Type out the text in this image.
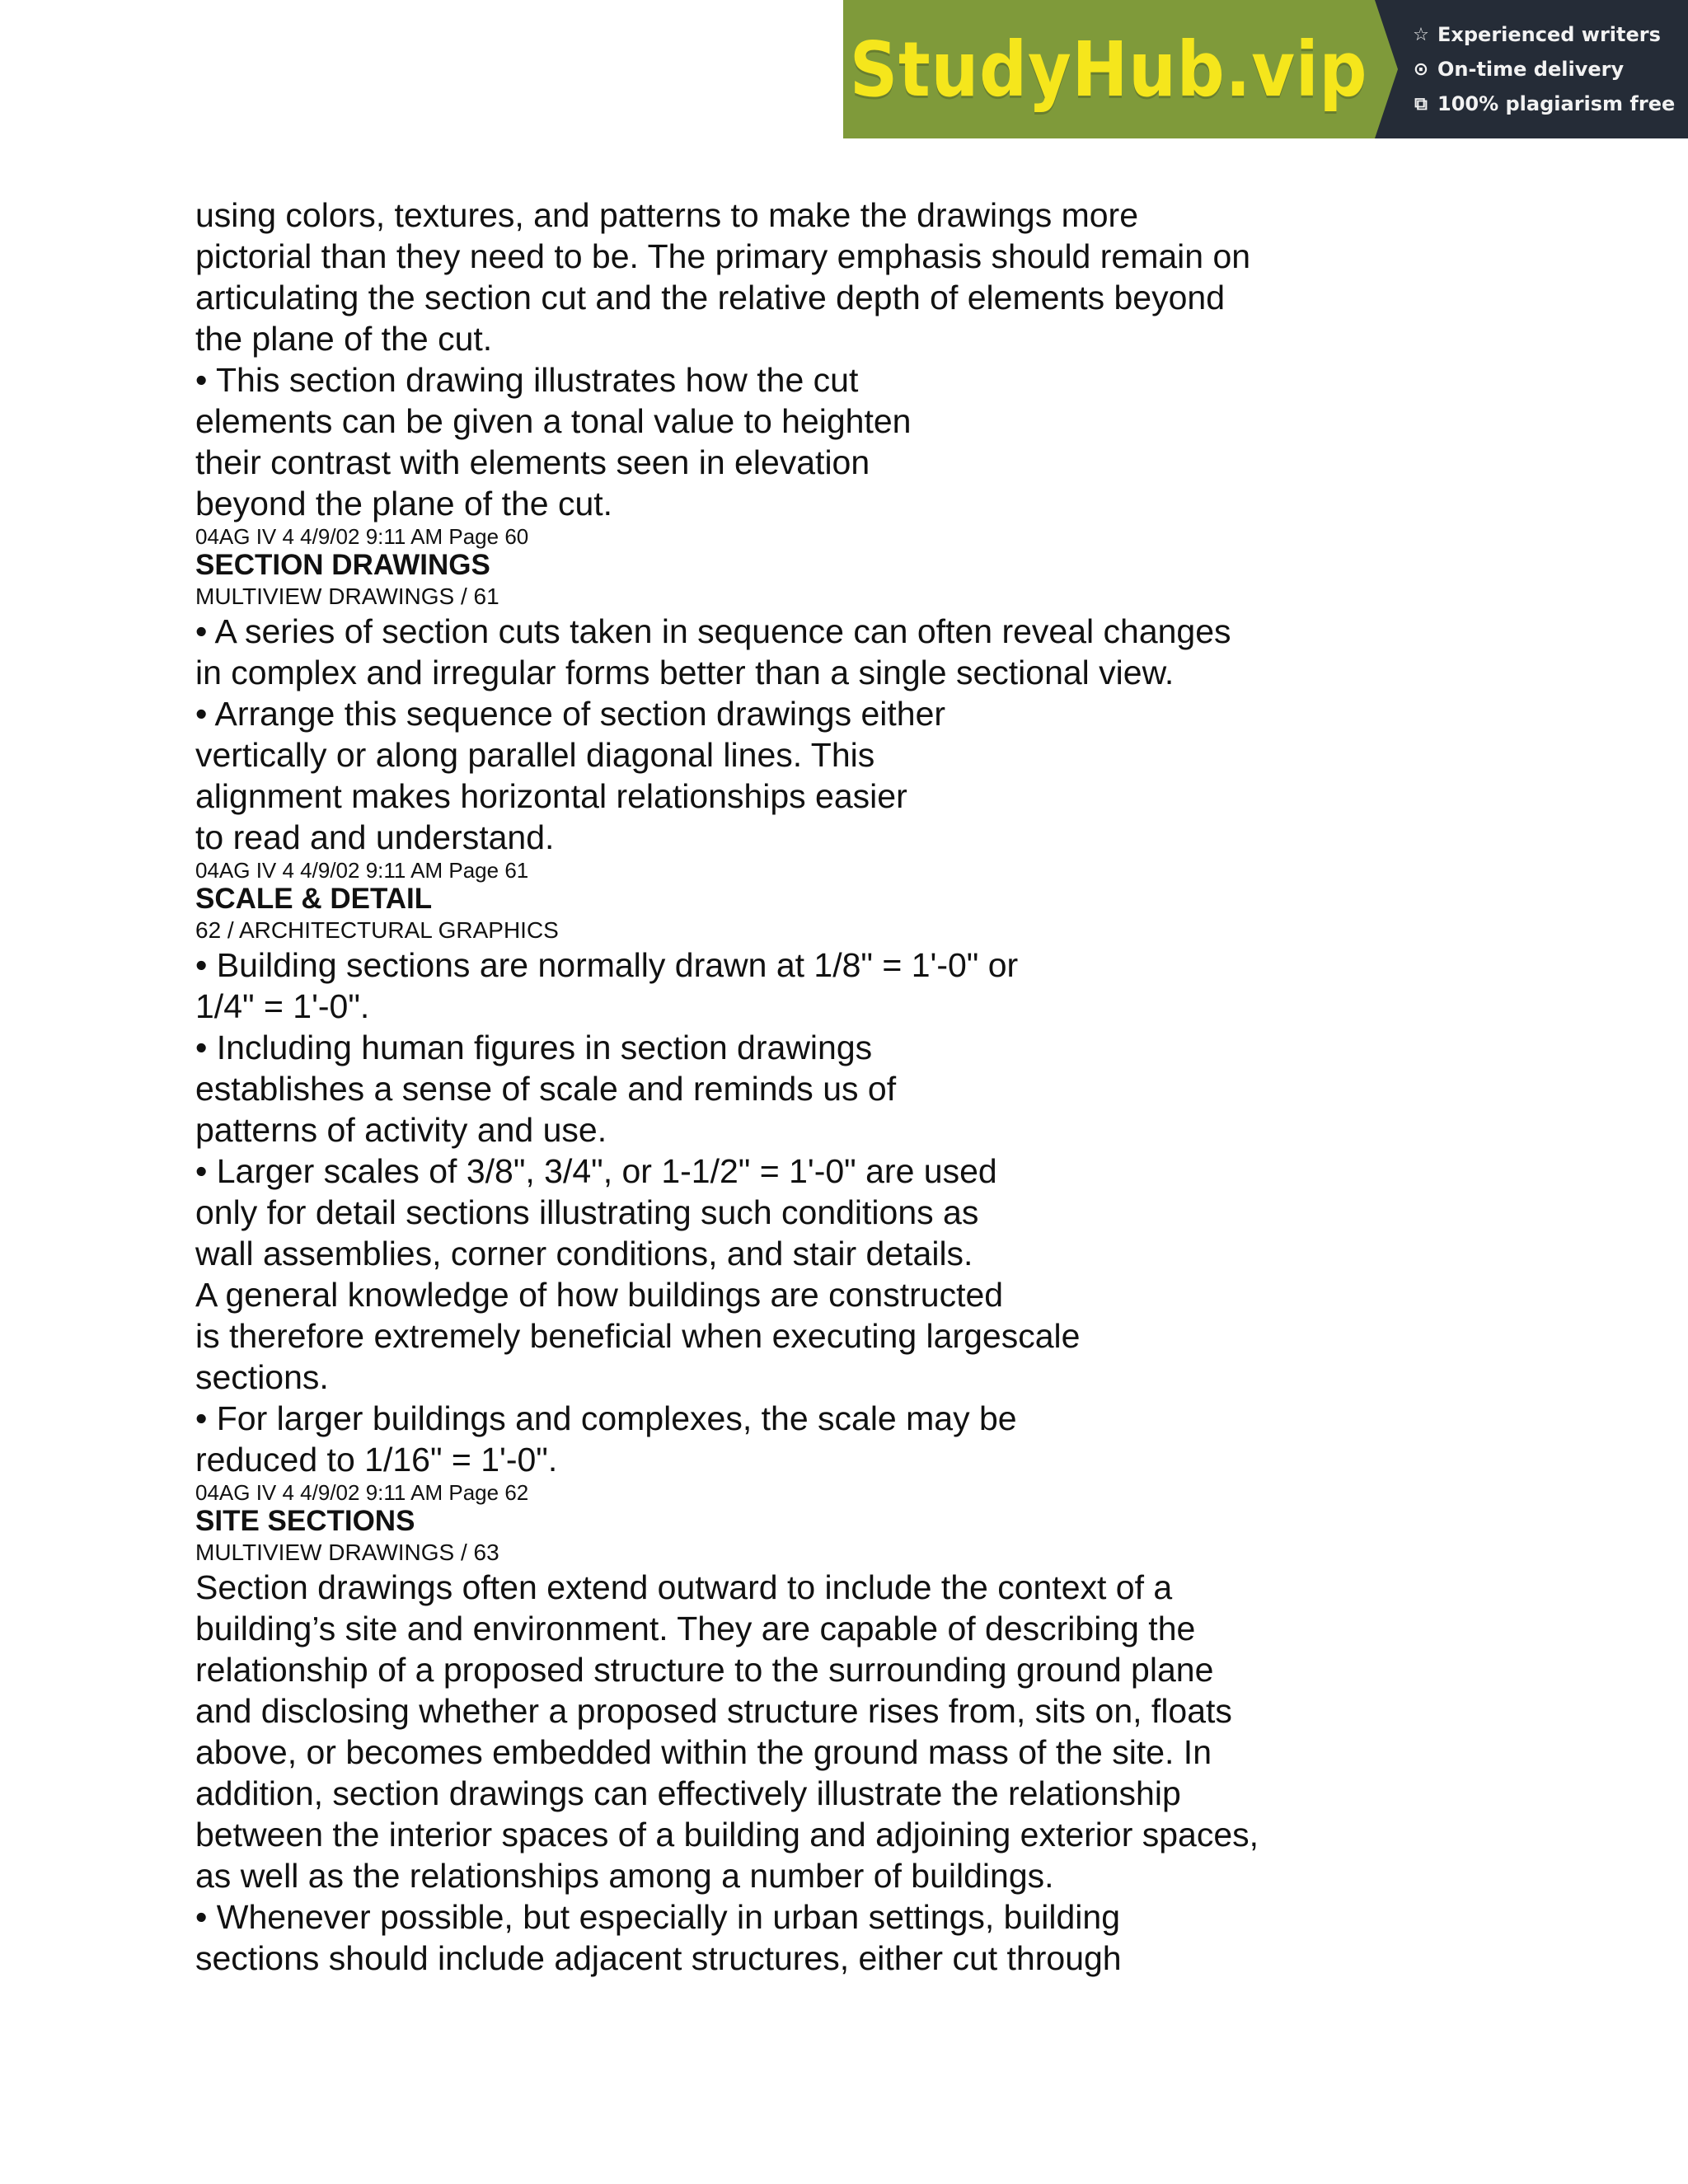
StudyHub.vip ☆ Experienced writers
⊙ On-time delivery
⧉ 100% plagiarism free
using colors, textures, and patterns to make the drawings more
pictorial than they need to be. The primary emphasis should remain on
articulating the section cut and the relative depth of elements beyond
the plane of the cut.
• This section drawing illustrates how the cut
elements can be given a tonal value to heighten
their contrast with elements seen in elevation
beyond the plane of the cut.
04AG IV 4 4/9/02 9:11 AM Page 60
SECTION DRAWINGS
MULTIVIEW DRAWINGS / 61
• A series of section cuts taken in sequence can often reveal changes
in complex and irregular forms better than a single sectional view.
• Arrange this sequence of section drawings either
vertically or along parallel diagonal lines. This
alignment makes horizontal relationships easier
to read and understand.
04AG IV 4 4/9/02 9:11 AM Page 61
SCALE & DETAIL
62 / ARCHITECTURAL GRAPHICS
• Building sections are normally drawn at 1/8" = 1'-0" or
1/4" = 1'-0".
• Including human figures in section drawings
establishes a sense of scale and reminds us of
patterns of activity and use.
• Larger scales of 3/8", 3/4", or 1-1/2" = 1'-0" are used
only for detail sections illustrating such conditions as
wall assemblies, corner conditions, and stair details.
A general knowledge of how buildings are constructed
is therefore extremely beneficial when executing largescale
sections.
• For larger buildings and complexes, the scale may be
reduced to 1/16" = 1'-0".
04AG IV 4 4/9/02 9:11 AM Page 62
SITE SECTIONS
MULTIVIEW DRAWINGS / 63
Section drawings often extend outward to include the context of a
building’s site and environment. They are capable of describing the
relationship of a proposed structure to the surrounding ground plane
and disclosing whether a proposed structure rises from, sits on, floats
above, or becomes embedded within the ground mass of the site. In
addition, section drawings can effectively illustrate the relationship
between the interior spaces of a building and adjoining exterior spaces,
as well as the relationships among a number of buildings.
• Whenever possible, but especially in urban settings, building
sections should include adjacent structures, either cut through
